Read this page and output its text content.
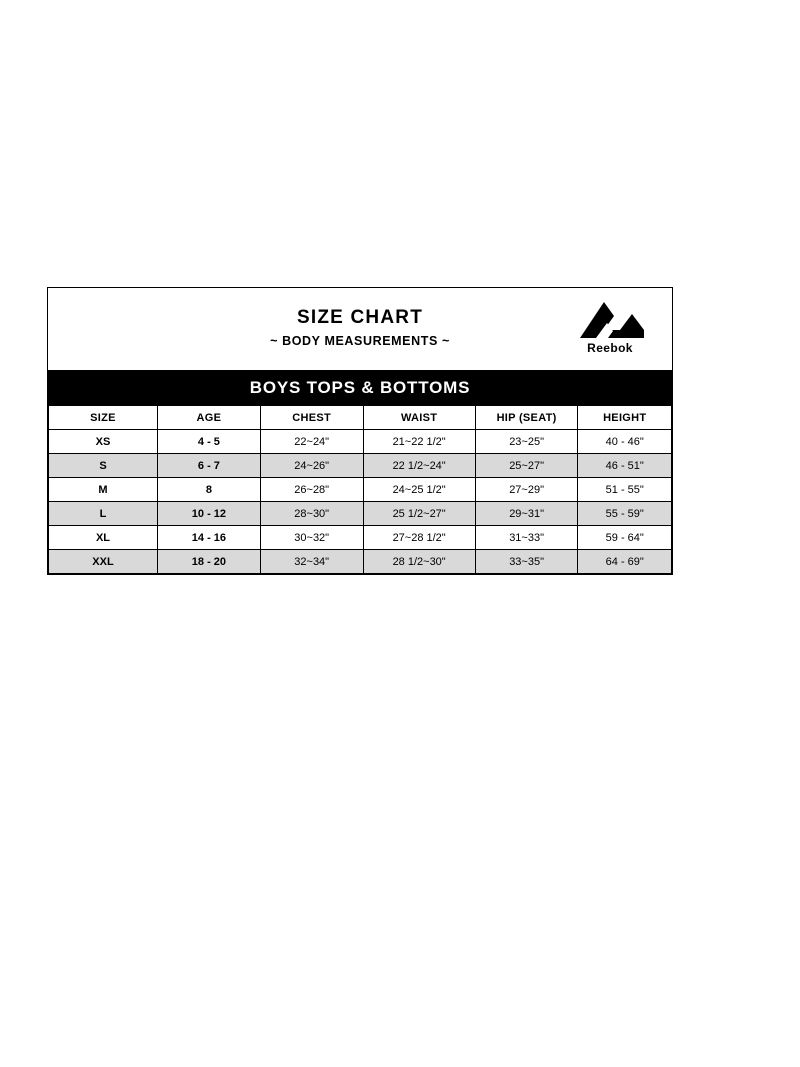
SIZE CHART
~ BODY MEASUREMENTS ~	Reebok
BOYS TOPS & BOTTOMS
SIZE	AGE	CHEST	WAIST	HIP (SEAT)	HEIGHT
XS	4 - 5	22~24"	21~22 1/2"	23~25"	40 - 46"
S	6 - 7	24~26"	22 1/2~24"	25~27"	46 - 51"
M	8	26~28"	24~25 1/2"	27~29"	51 - 55"
L	10 - 12	28~30"	25 1/2~27"	29~31"	55 - 59"
XL	14 - 16	30~32"	27~28 1/2"	31~33"	59 - 64"
XXL	18 - 20	32~34"	28 1/2~30"	33~35"	64 - 69"
